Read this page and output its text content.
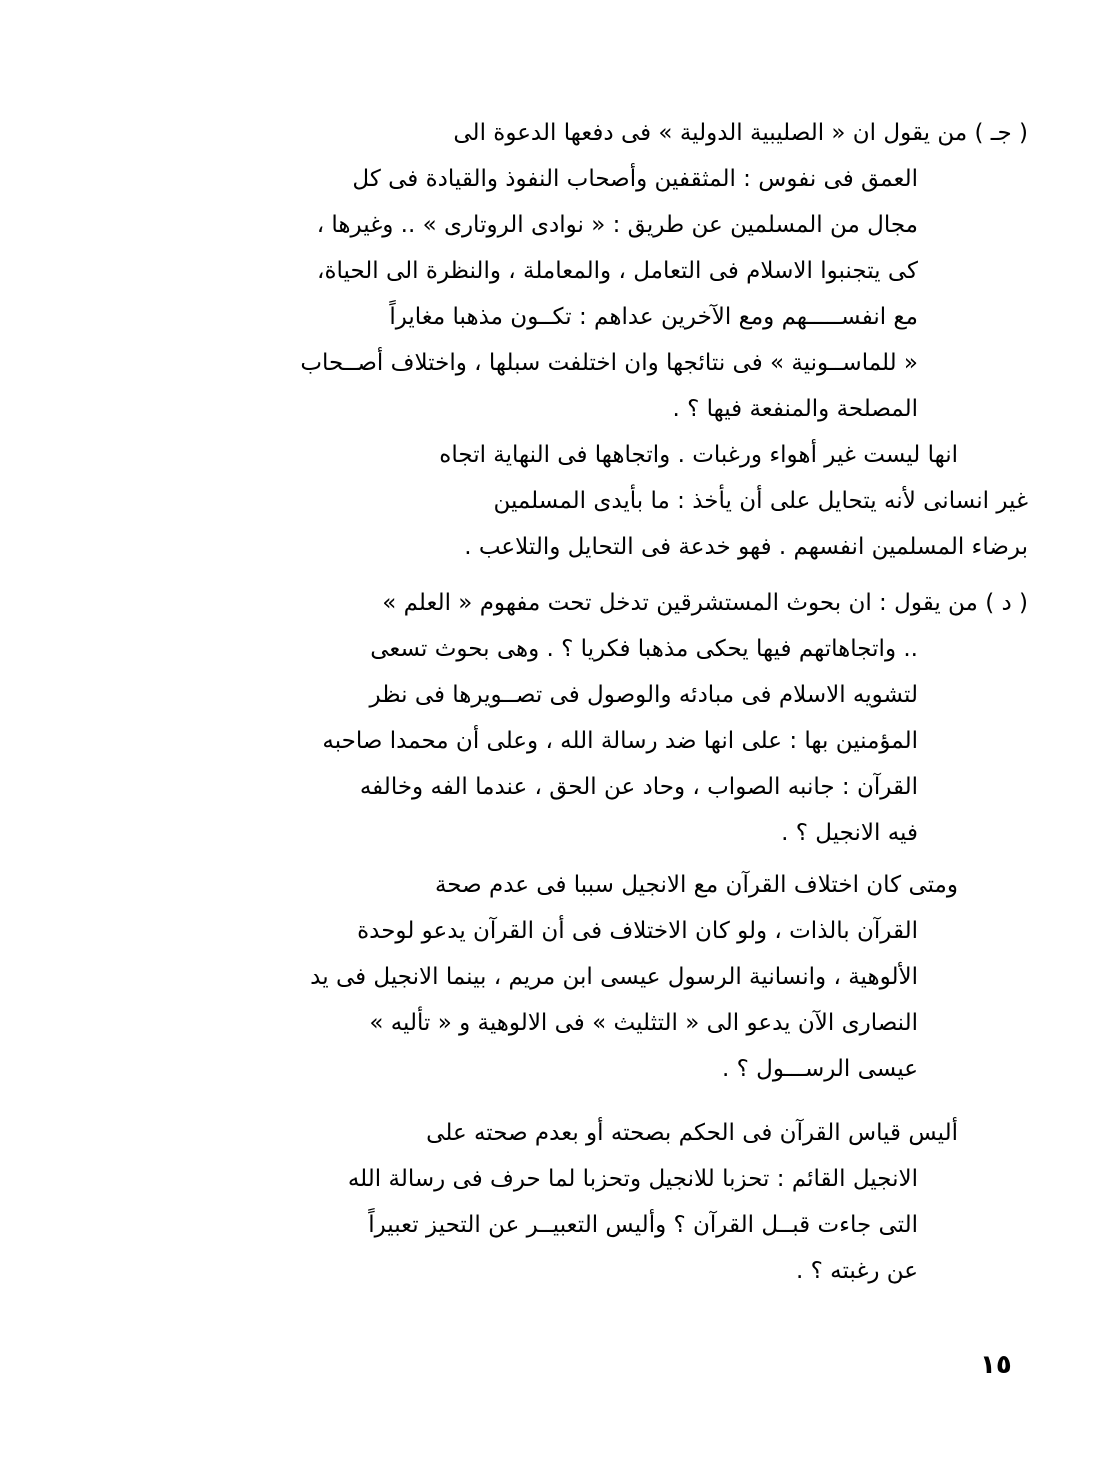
( جـ ) من يقول ان « الصليبية الدولية » فى دفعها الدعوة الى
العمق فى نفوس : المثقفين وأصحاب النفوذ والقيادة فى كل
مجال من المسلمين عن طريق : « نوادى الروتارى » .. وغيرها ،
كى يتجنبوا الاسلام فى التعامل ، والمعاملة ، والنظرة الى الحياة،
مع انفســـــهم ومع الآخرين عداهم : تكــون مذهبا مغايراً
« للماســونية » فى نتائجها وان اختلفت سبلها ، واختلاف أصــحاب
المصلحة والمنفعة فيها ؟ .
انها ليست غير أهواء ورغبات . واتجاهها فى النهاية اتجاه
غير انسانى لأنه يتحايل على أن يأخذ : ما بأيدى المسلمين
برضاء المسلمين انفسهم . فهو خدعة فى التحايل والتلاعب .
( د ) من يقول : ان بحوث المستشرقين تدخل تحت مفهوم « العلم »
.. واتجاهاتهم فيها يحكى مذهبا فكريا ؟ . وهى بحوث تسعى
لتشويه الاسلام فى مبادئه والوصول فى تصــويرها فى نظر
المؤمنين بها : على انها ضد رسالة الله ، وعلى أن محمدا صاحبه
القرآن : جانبه الصواب ، وحاد عن الحق ، عندما الفه وخالفه
فيه الانجيل ؟ .
ومتى كان اختلاف القرآن مع الانجيل سببا فى عدم صحة
القرآن بالذات ، ولو كان الاختلاف فى أن القرآن يدعو لوحدة
الألوهية ، وانسانية الرسول عيسى ابن مريم ، بينما الانجيل فى يد
النصارى الآن يدعو الى « التثليث » فى الالوهية و « تأليه »
عيسى الرســـول ؟ .
أليس قياس القرآن فى الحكم بصحته أو بعدم صحته على
الانجيل القائم : تحزبا للانجيل وتحزبا لما حرف فى رسالة الله
التى جاءت قبــل القرآن ؟ وأليس التعبيــر عن التحيز تعبيراً
عن رغبته ؟ .
١٥
